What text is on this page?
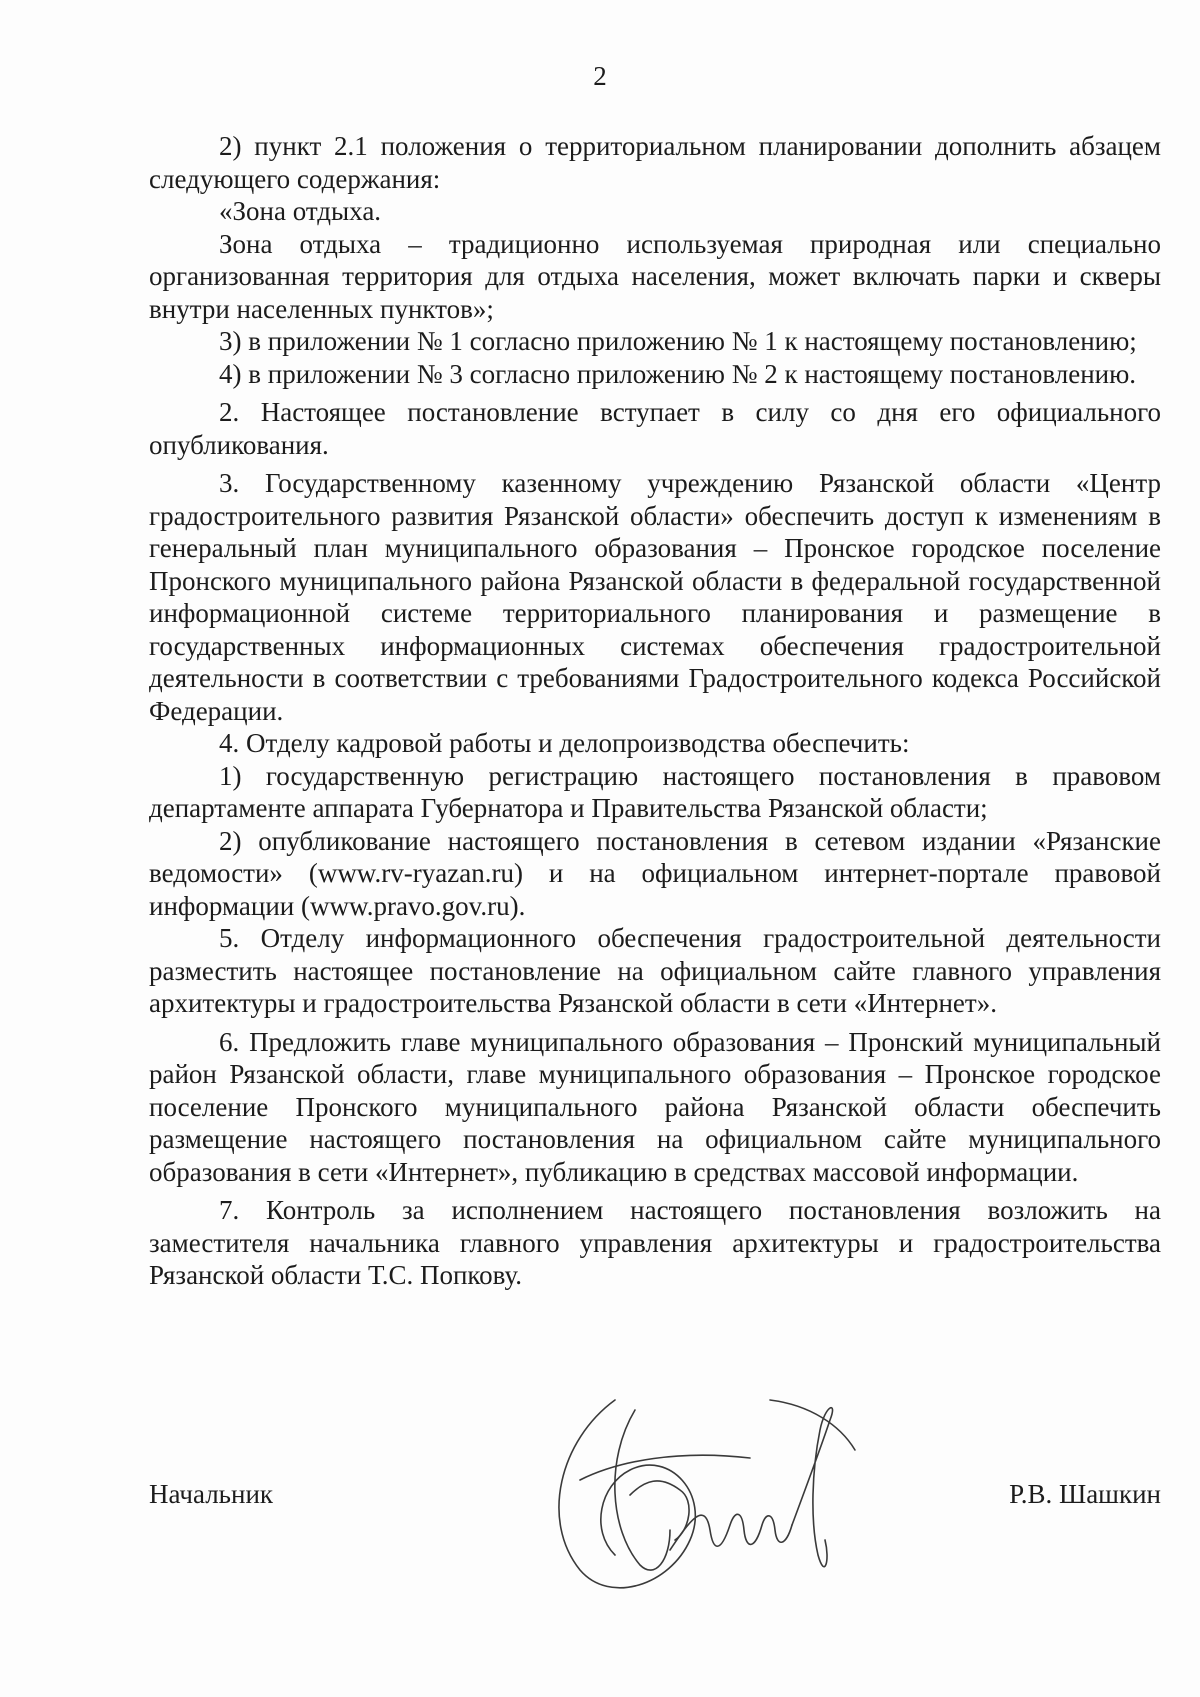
2

2) пункт 2.1 положения о территориальном планировании дополнить абзацем следующего содержания:

«Зона отдыха.

Зона отдыха – традиционно используемая природная или специально организованная территория для отдыха населения, может включать парки и скверы внутри населенных пунктов»;

3) в приложении № 1 согласно приложению № 1 к настоящему постановлению;

4) в приложении № 3 согласно приложению № 2 к настоящему постановлению.

2. Настоящее постановление вступает в силу со дня его официального опубликования.

3. Государственному казенному учреждению Рязанской области «Центр градостроительного развития Рязанской области» обеспечить доступ к изменениям в генеральный план муниципального образования – Пронское городское поселение Пронского муниципального района Рязанской области в федеральной государственной информационной системе территориального планирования и размещение в государственных информационных системах обеспечения градостроительной деятельности в соответствии с требованиями Градостроительного кодекса Российской Федерации.

4. Отделу кадровой работы и делопроизводства обеспечить:

1) государственную регистрацию настоящего постановления в правовом департаменте аппарата Губернатора и Правительства Рязанской области;

2) опубликование настоящего постановления в сетевом издании «Рязанские ведомости» (www.rv-ryazan.ru) и на официальном интернет-портале правовой информации (www.pravo.gov.ru).

5. Отделу информационного обеспечения градостроительной деятельности разместить настоящее постановление на официальном сайте главного управления архитектуры и градостроительства Рязанской области в сети «Интернет».

6. Предложить главе муниципального образования – Пронский муниципальный район Рязанской области, главе муниципального образования – Пронское городское поселение Пронского муниципального района Рязанской области обеспечить размещение настоящего постановления на официальном сайте муниципального образования в сети «Интернет», публикацию в средствах массовой информации.

7. Контроль за исполнением настоящего постановления возложить на заместителя начальника главного управления архитектуры и градостроительства Рязанской области Т.С. Попкову.

Начальник	Р.В. Шашкин
